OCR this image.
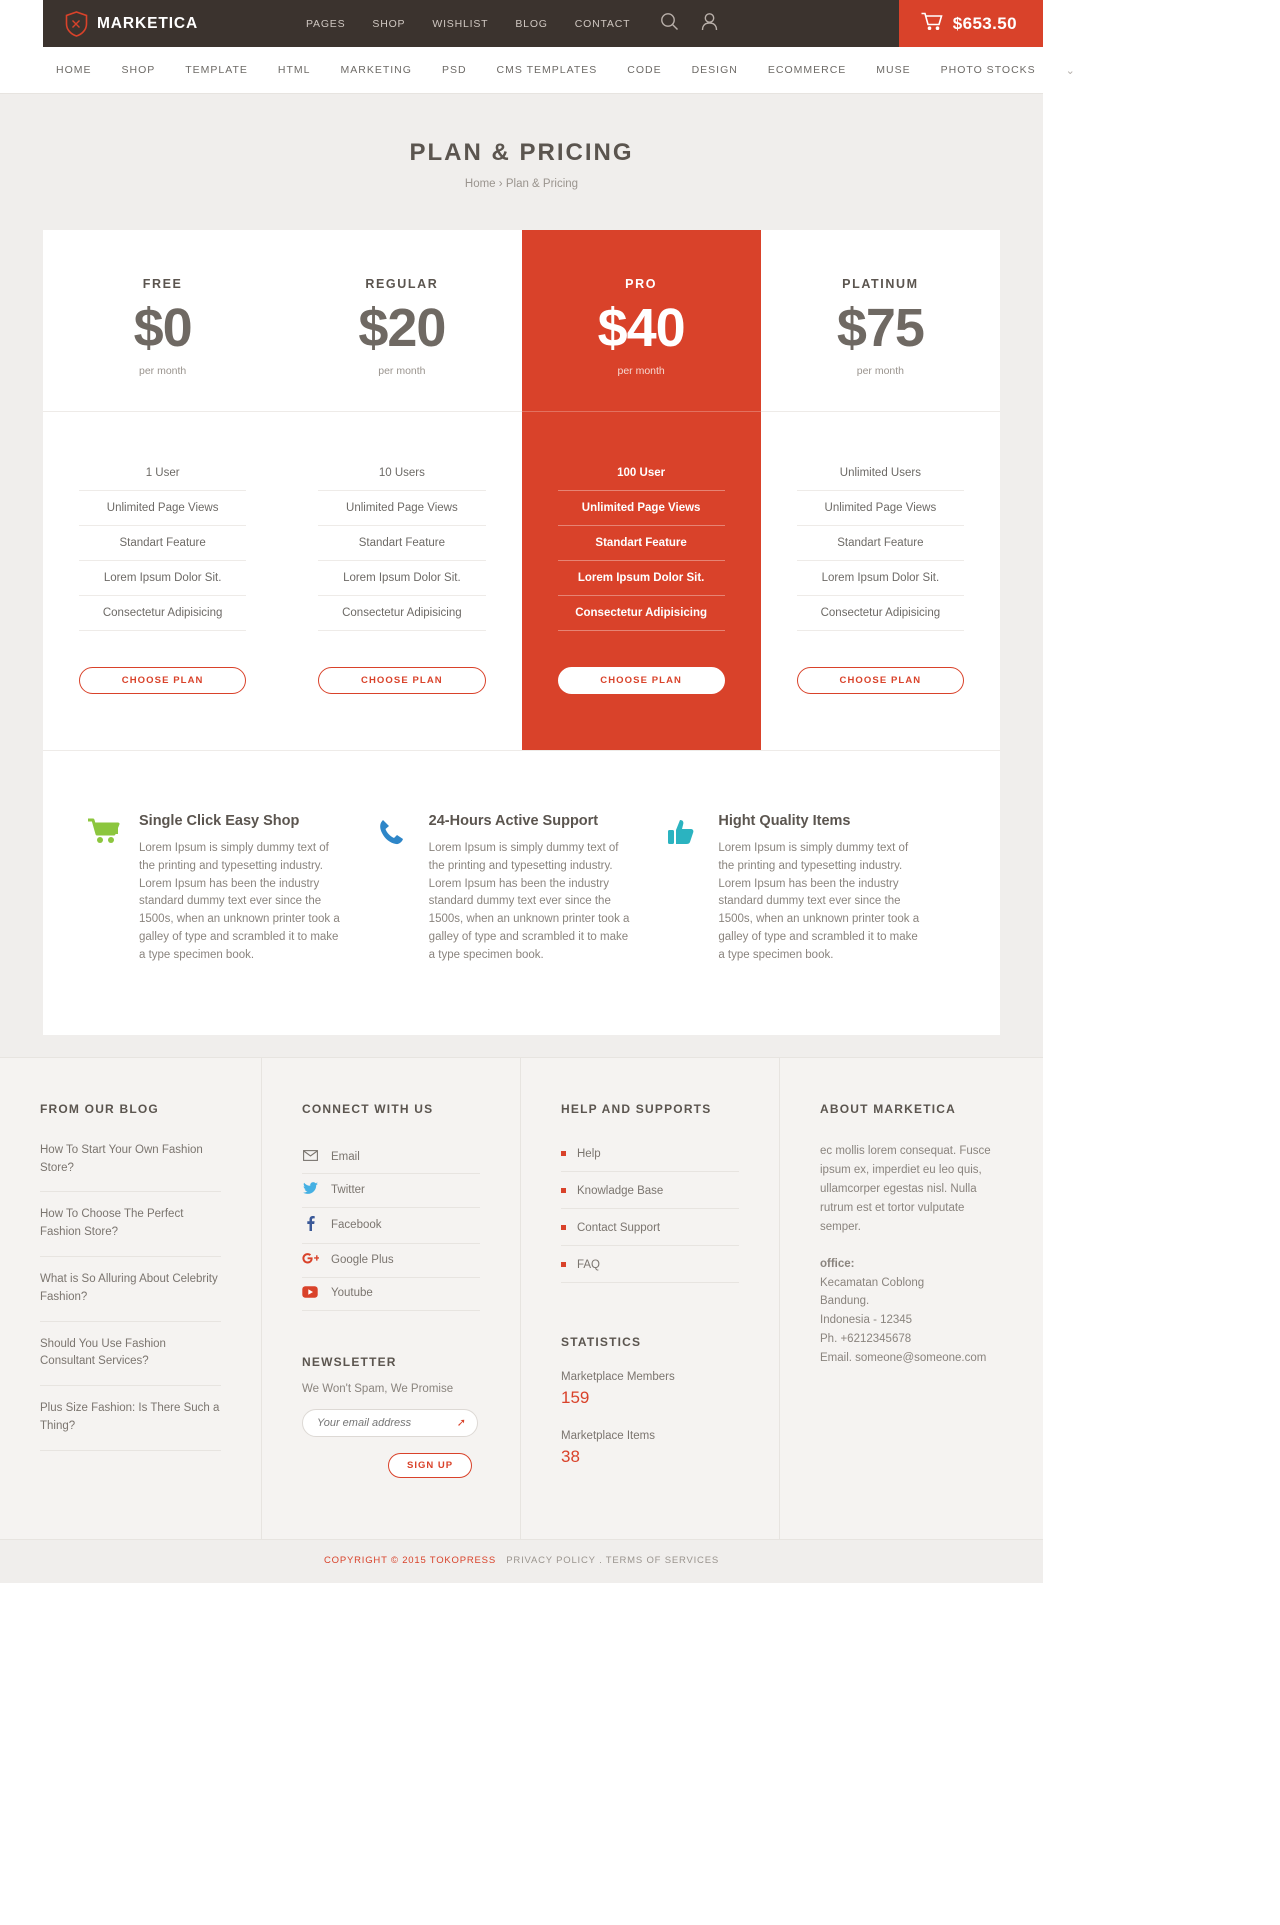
MARKETICA	PAGES	SHOP	WISHLIST	BLOG	CONTACT	$653.50
HOME	SHOP	TEMPLATE	HTML	MARKETING	PSD	CMS TEMPLATES	CODE	DESIGN	ECOMMERCE	MUSE	PHOTO STOCKS	⌄
PLAN & PRICING
Home › Plan & Pricing
FREE
$0
per month
1 User
Unlimited Page Views
Standart Feature
Lorem Ipsum Dolor Sit.
Consectetur Adipisicing
CHOOSE PLAN
REGULAR
$20
per month
10 Users
Unlimited Page Views
Standart Feature
Lorem Ipsum Dolor Sit.
Consectetur Adipisicing
CHOOSE PLAN
PRO
$40
per month
100 User
Unlimited Page Views
Standart Feature
Lorem Ipsum Dolor Sit.
Consectetur Adipisicing
CHOOSE PLAN
PLATINUM
$75
per month
Unlimited Users
Unlimited Page Views
Standart Feature
Lorem Ipsum Dolor Sit.
Consectetur Adipisicing
CHOOSE PLAN

Single Click Easy Shop

Lorem Ipsum is simply dummy text of the printing and typesetting industry. Lorem Ipsum has been the industry standard dummy text ever since the 1500s, when an unknown printer took a galley of type and scrambled it to make a type specimen book.

24-Hours Active Support

Lorem Ipsum is simply dummy text of the printing and typesetting industry. Lorem Ipsum has been the industry standard dummy text ever since the 1500s, when an unknown printer took a galley of type and scrambled it to make a type specimen book.

Hight Quality Items

Lorem Ipsum is simply dummy text of the printing and typesetting industry. Lorem Ipsum has been the industry standard dummy text ever since the 1500s, when an unknown printer took a galley of type and scrambled it to make a type specimen book.

FROM OUR BLOG

How To Start Your Own Fashion Store?
How To Choose The Perfect Fashion Store?
What is So Alluring About Celebrity Fashion?
Should You Use Fashion Consultant Services?
Plus Size Fashion: Is There Such a Thing?

CONNECT WITH US

Email
Twitter
Facebook
Google Plus
Youtube

NEWSLETTER

We Won't Spam, We Promise

Your email address
➚
SIGN UP

HELP AND SUPPORTS

Help
Knowladge Base
Contact Support
FAQ

STATISTICS

Marketplace Members
159
Marketplace Items
38

ABOUT MARKETICA

ec mollis lorem consequat. Fusce ipsum ex, imperdiet eu leo quis, ullamcorper egestas nisl. Nulla rutrum est et tortor vulputate semper.

office:
Kecamatan Coblong
Bandung.
Indonesia - 12345
Ph. +6212345678
Email. someone@someone.com
COPYRIGHT © 2015 TOKOPRESS PRIVACY POLICY . TERMS OF SERVICES
